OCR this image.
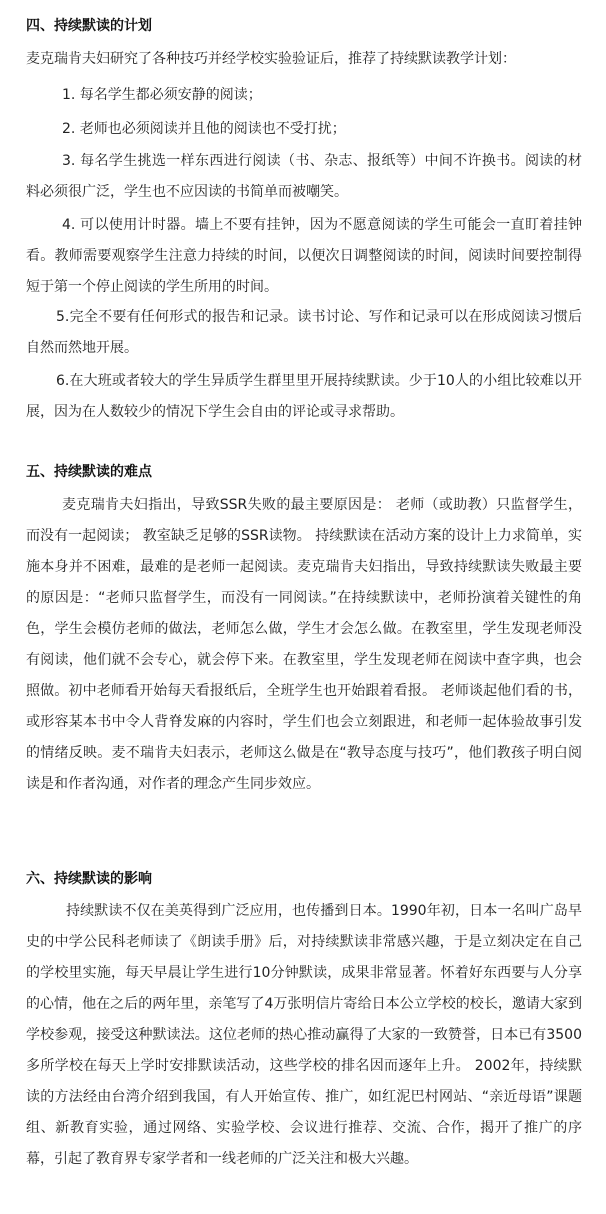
四、持续默读的计划
麦克瑞肯夫妇研究了各种技巧并经学校实验验证后，推荐了持续默读教学计划：
1. 每名学生都必须安静的阅读；
2. 老师也必须阅读并且他的阅读也不受打扰；
3. 每名学生挑选一样东西进行阅读（书、杂志、报纸等）中间不许换书。阅读的材料必须很广泛，学生也不应因读的书简单而被嘲笑。
4. 可以使用计时器。墙上不要有挂钟，因为不愿意阅读的学生可能会一直盯着挂钟看。教师需要观察学生注意力持续的时间，以便次日调整阅读的时间，阅读时间要控制得短于第一个停止阅读的学生所用的时间。
5.完全不要有任何形式的报告和记录。读书讨论、写作和记录可以在形成阅读习惯后自然而然地开展。
6.在大班或者较大的学生异质学生群里里开展持续默读。少于10人的小组比较难以开展，因为在人数较少的情况下学生会自由的评论或寻求帮助。
五、持续默读的难点
麦克瑞肯夫妇指出，导致SSR失败的最主要原因是： 老师（或助教）只监督学生，而没有一起阅读； 教室缺乏足够的SSR读物。 持续默读在活动方案的设计上力求简单，实施本身并不困难，最难的是老师一起阅读。麦克瑞肯夫妇指出，导致持续默读失败最主要的原因是：“老师只监督学生，而没有一同阅读。”在持续默读中，老师扮演着关键性的角色，学生会模仿老师的做法，老师怎么做，学生才会怎么做。在教室里，学生发现老师没有阅读，他们就不会专心，就会停下来。在教室里，学生发现老师在阅读中查字典，也会照做。初中老师看开始每天看报纸后，全班学生也开始跟着看报。 老师谈起他们看的书，或形容某本书中令人背脊发麻的内容时，学生们也会立刻跟进，和老师一起体验故事引发的情绪反映。麦不瑞肯夫妇表示，老师这么做是在“教导态度与技巧”，他们教孩子明白阅读是和作者沟通，对作者的理念产生同步效应。
六、持续默读的影响
持续默读不仅在美英得到广泛应用，也传播到日本。1990年初，日本一名叫广岛早史的中学公民科老师读了《朗读手册》后，对持续默读非常感兴趣，于是立刻决定在自己的学校里实施，每天早晨让学生进行10分钟默读，成果非常显著。怀着好东西要与人分享的心情，他在之后的两年里，亲笔写了4万张明信片寄给日本公立学校的校长，邀请大家到学校参观，接受这种默读法。这位老师的热心推动赢得了大家的一致赞誉，日本已有3500多所学校在每天上学时安排默读活动，这些学校的排名因而逐年上升。 2002年，持续默读的方法经由台湾介绍到我国，有人开始宣传、推广，如红泥巴村网站、“亲近母语”课题组、新教育实验，通过网络、实验学校、会议进行推荐、交流、合作，揭开了推广的序幕，引起了教育界专家学者和一线老师的广泛关注和极大兴趣。
